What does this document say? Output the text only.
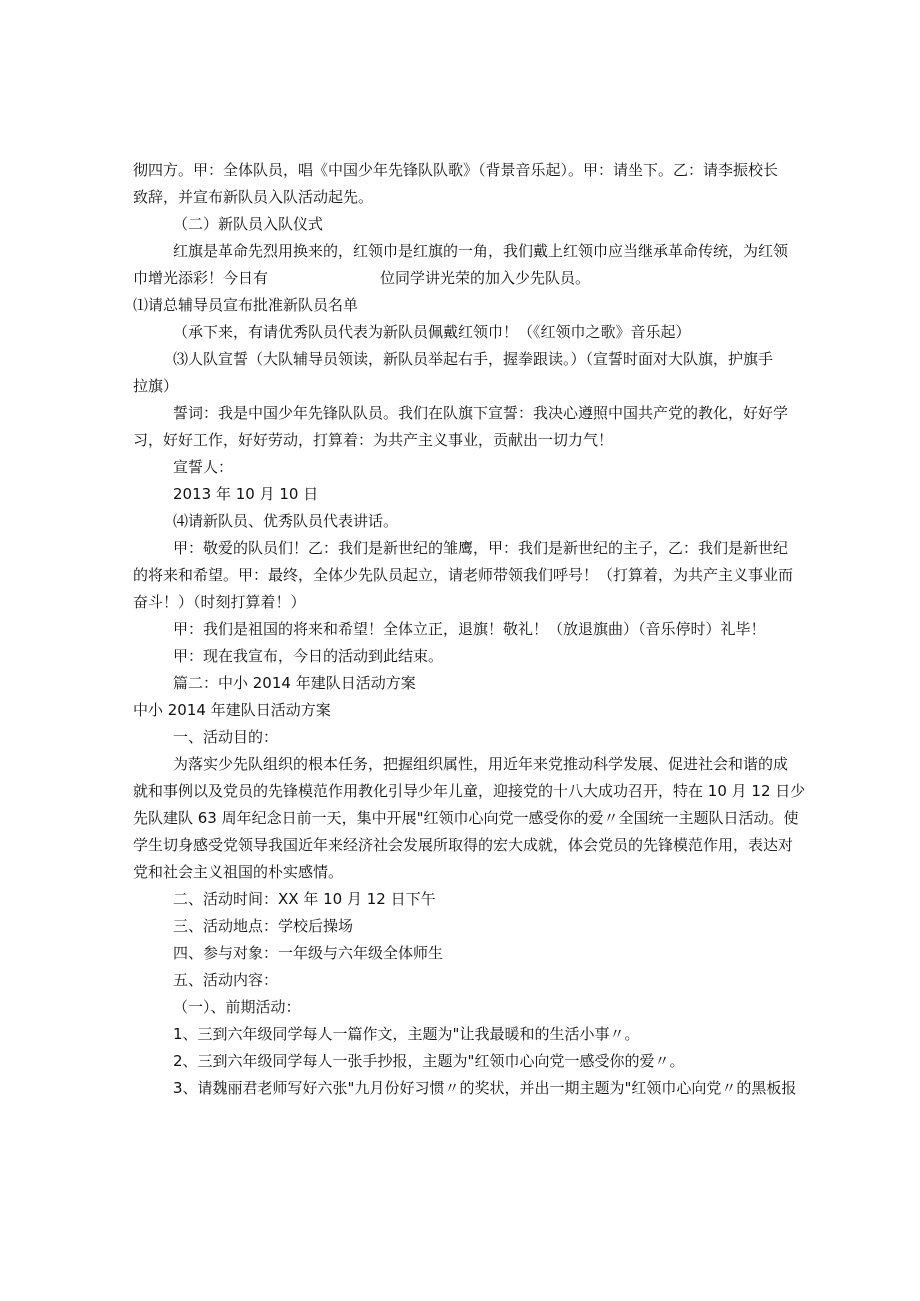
彻四方。甲：全体队员，唱《中国少年先锋队队歌》（背景音乐起）。甲：请坐下。乙：请李振校长

致辞，并宣布新队员入队活动起先。

（二）新队员入队仪式

红旗是革命先烈用换来的，红领巾是红旗的一角，我们戴上红领巾应当继承革命传统，为红领

巾增光添彩！今日有	位同学讲光荣的加入少先队员。

⑴请总辅导员宣布批准新队员名单

（承下来，有请优秀队员代表为新队员佩戴红领巾！（《红领巾之歌》音乐起）

⑶人队宣誓（大队辅导员领读，新队员举起右手，握拳跟读。）（宣誓时面对大队旗，护旗手

拉旗）

誓词：我是中国少年先锋队队员。我们在队旗下宣誓：我决心遵照中国共产党的教化，好好学

习，好好工作，好好劳动，打算着：为共产主义事业，贡献出一切力气！

宣誓人：

2013 年 10 月 10 日

⑷请新队员、优秀队员代表讲话。

甲：敬爱的队员们！乙：我们是新世纪的雏鹰，甲：我们是新世纪的主子，乙：我们是新世纪

的将来和希望。甲：最终，全体少先队员起立，请老师带领我们呼号！（打算着，为共产主义事业而

奋斗！）（时刻打算着！）

甲：我们是祖国的将来和希望！全体立正，退旗！敬礼！（放退旗曲）（音乐停时）礼毕！

甲：现在我宣布，今日的活动到此结束。

篇二：中小 2014 年建队日活动方案

中小 2014 年建队日活动方案

一、活动目的：

为落实少先队组织的根本任务，把握组织属性，用近年来党推动科学发展、促进社会和谐的成

就和事例以及党员的先锋模范作用教化引导少年儿童，迎接党的十八大成功召开，特在 10 月 12 日少

先队建队 63 周年纪念日前一天，集中开展"红领巾心向党一感受你的爱〃全国统一主题队日活动。使

学生切身感受党领导我国近年来经济社会发展所取得的宏大成就，体会党员的先锋模范作用，表达对

党和社会主义祖国的朴实感情。

二、活动时间：XX 年 10 月 12 日下午

三、活动地点：学校后操场

四、参与对象：一年级与六年级全体师生

五、活动内容：

（一）、前期活动：

1、三到六年级同学每人一篇作文，主题为"让我最暖和的生活小事〃。

2、三到六年级同学每人一张手抄报，主题为"红领巾心向党一感受你的爱〃。

3、请魏丽君老师写好六张"九月份好习惯〃的奖状，并出一期主题为"红领巾心向党〃的黑板报
